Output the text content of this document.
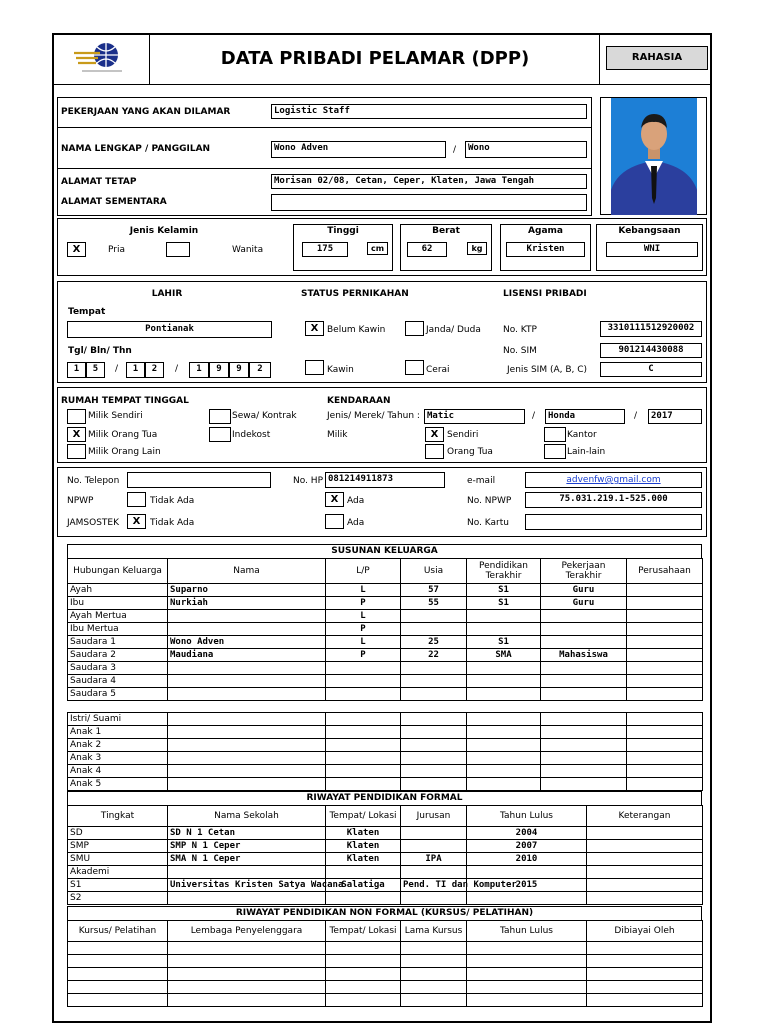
DATA PRIBADI PELAMAR (DPP)	RAHASIA
PEKERJAAN YANG AKAN DILAMAR	Logistic Staff
NAMA LENGKAP / PANGGILAN	Wono Adven	/	Wono
ALAMAT TETAP	Morisan 02/08, Cetan, Ceper, Klaten, Jawa Tengah
ALAMAT SEMENTARA
Jenis Kelamin
X	Pria	Wanita
Tinggi
175	cm
Berat
62	kg
Agama
Kristen
Kebangsaan
WNI
LAHIR
Tempat
Pontianak
Tgl/ Bln/ Thn
1	5	/	1	2	/	1	9	9	2
STATUS PERNIKAHAN
X Belum Kawin	Janda/ Duda
Kawin	Cerai
LISENSI PRIBADI
No. KTP	3310111512920002
No. SIM	901214430088
Jenis SIM (A, B, C)	C
RUMAH TEMPAT TINGGAL
Milik Sendiri	Sewa/ Kontrak
X Milik Orang Tua	Indekost
Milik Orang Lain
KENDARAAN
Jenis/ Merek/ Tahun : Matic	/	Honda	/	2017
Milik	X Sendiri	Kantor
Orang Tua	Lain-lain
No. Telepon	No. HP 081214911873	e-mail	advenfw@gmail.com
NPWP	Tidak Ada	X Ada	No. NPWP	75.031.219.1-525.000
JAMSOSTEK	X	Tidak Ada	Ada	No. Kartu
SUSUNAN KELUARGA
Hubungan Keluarga	Nama	L/P	Usia	Pendidikan Terakhir	Pekerjaan Terakhir	Perusahaan
Ayah	Suparno	L	57	S1	Guru	
Ibu	Nurkiah	P	55	S1	Guru	
Ayah Mertua		L				
Ibu Mertua		P				
Saudara 1	Wono Adven	L	25	S1		
Saudara 2	Maudiana	P	22	SMA	Mahasiswa	
Saudara 3						
Saudara 4						
Saudara 5						
Istri/ Suami						
Anak 1						
Anak 2						
Anak 3						
Anak 4						
Anak 5						
RIWAYAT PENDIDIKAN FORMAL
Tingkat	Nama Sekolah	Tempat/ Lokasi	Jurusan	Tahun Lulus	Keterangan
SD	SD N 1 Cetan	Klaten		2004	
SMP	SMP N 1 Ceper	Klaten		2007	
SMU	SMA N 1 Ceper	Klaten	IPA	2010	
Akademi					
S1	Universitas Kristen Satya Wacana	Salatiga	Pend. TI dan Komputer	2015	
S2					
RIWAYAT PENDIDIKAN NON FORMAL (KURSUS/ PELATIHAN)
Kursus/ Pelatihan	Lembaga Penyelenggara	Tempat/ Lokasi	Lama Kursus	Tahun Lulus	Dibiayai Oleh
